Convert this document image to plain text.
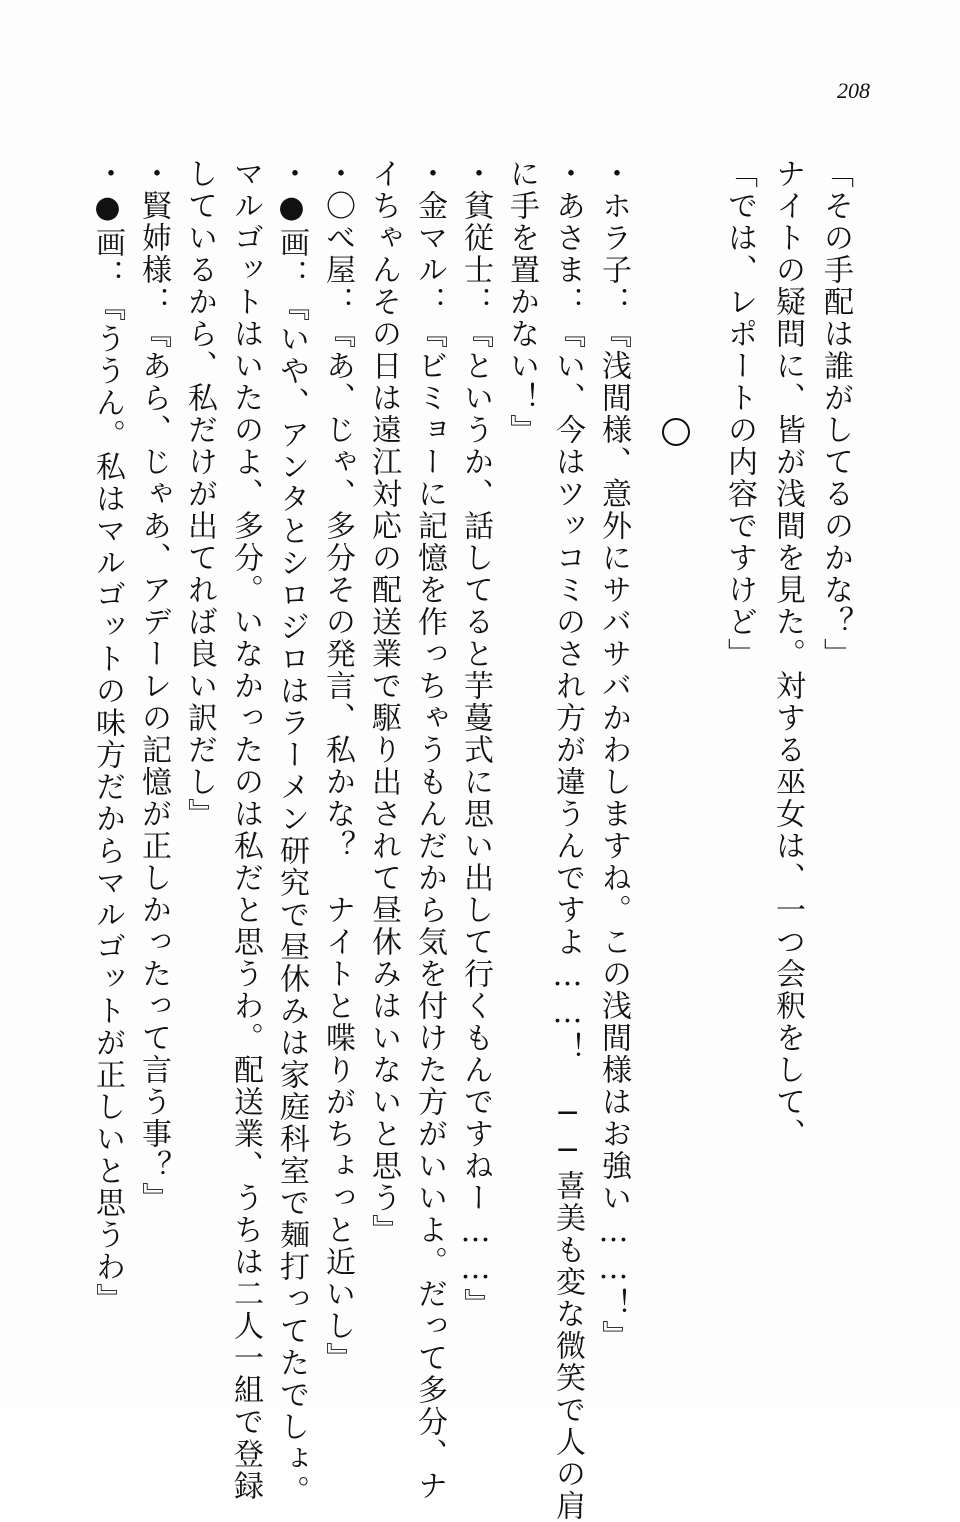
208
「その手配は誰がしてるのかな？」
ナイトの疑問に、皆が浅間を見た。対する巫女は、一つ会釈をして、
「では、レポートの内容ですけど」
・ホラ子：『浅間様、意外にサバサバかわしますね。この浅間様はお強い……！』
・あさま：『い、今はツッコミのされ方が違うんですよ……！　──喜美も変な微笑で人の肩
に手を置かない！』
・貧従士：『というか、話してると芋蔓式に思い出して行くもんですねー……』
・金マル：『ビミョーに記憶を作っちゃうもんだから気を付けた方がいいよ。だって多分、ナ
イちゃんその日は遠江対応の配送業で駆り出されて昼休みはいないと思う』
・〇べ屋：『あ、じゃ、多分その発言、私かな？　ナイトと喋りがちょっと近いし』
・●画：『いや、アンタとシロジロはラーメン研究で昼休みは家庭科室で麺打ってたでしょ。
マルゴットはいたのよ、多分。いなかったのは私だと思うわ。配送業、うちは二人一組で登録
しているから、私だけが出てれば良い訳だし』
・賢姉様：『あら、じゃあ、アデーレの記憶が正しかったって言う事？』
・●画：『ううん。私はマルゴットの味方だからマルゴットが正しいと思うわ』
